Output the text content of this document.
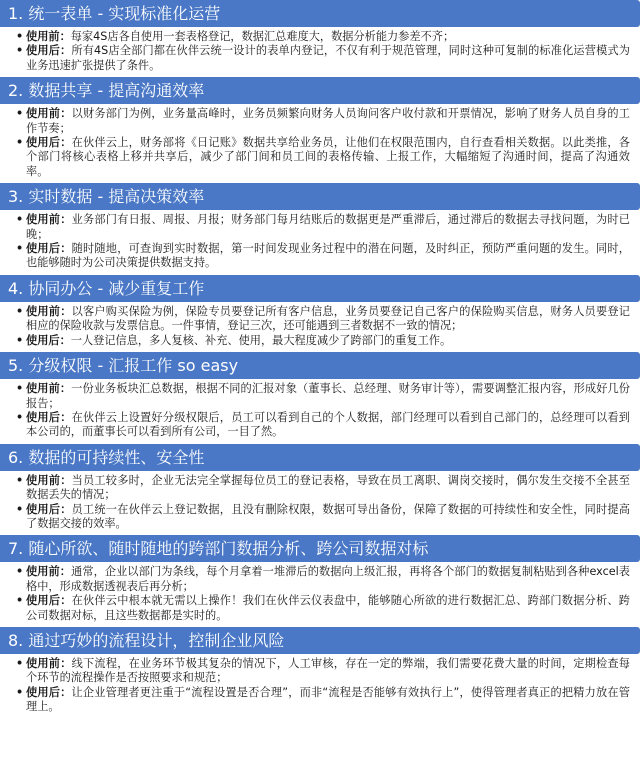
1. 统一表单 - 实现标准化运营
• 使用前：每家4S店各自使用一套表格登记，数据汇总难度大，数据分析能力参差不齐；
• 使用后：所有4S店全部门都在伙伴云统一设计的表单内登记，不仅有利于规范管理，同时这种可复制的标准化运营模式为业务迅速扩张提供了条件。
2. 数据共享 - 提高沟通效率
• 使用前：以财务部门为例，业务量高峰时，业务员频繁向财务人员询问客户收付款和开票情况，影响了财务人员自身的工作节奏；
• 使用后：在伙伴云上，财务部将《日记账》数据共享给业务员，让他们在权限范围内，自行查看相关数据。以此类推，各个部门将核心表格上移并共享后，减少了部门间和员工间的表格传输、上报工作，大幅缩短了沟通时间，提高了沟通效率。
3. 实时数据 - 提高决策效率
• 使用前：业务部门有日报、周报、月报；财务部门每月结账后的数据更是严重滞后，通过滞后的数据去寻找问题，为时已晚；
• 使用后：随时随地，可查询到实时数据，第一时间发现业务过程中的潜在问题，及时纠正，预防严重问题的发生。同时，也能够随时为公司决策提供数据支持。
4. 协同办公 - 减少重复工作
• 使用前：以客户购买保险为例，保险专员要登记所有客户信息，业务员要登记自己客户的保险购买信息，财务人员要登记相应的保险收款与发票信息。一件事情，登记三次，还可能遇到三者数据不一致的情况；
• 使用后：一人登记信息，多人复核、补充、使用，最大程度减少了跨部门的重复工作。
5. 分级权限 - 汇报工作 so easy
• 使用前：一份业务板块汇总数据，根据不同的汇报对象（董事长、总经理、财务审计等），需要调整汇报内容，形成好几份报告；
• 使用后：在伙伴云上设置好分级权限后，员工可以看到自己的个人数据，部门经理可以看到自己部门的，总经理可以看到本公司的，而董事长可以看到所有公司，一目了然。
6. 数据的可持续性、安全性
• 使用前：当员工较多时，企业无法完全掌握每位员工的登记表格，导致在员工离职、调岗交接时，偶尔发生交接不全甚至数据丢失的情况；
• 使用后：员工统一在伙伴云上登记数据，且没有删除权限，数据可导出备份，保障了数据的可持续性和安全性，同时提高了数据交接的效率。
7. 随心所欲、随时随地的跨部门数据分析、跨公司数据对标
• 使用前：通常，企业以部门为条线，每个月拿着一堆滞后的数据向上级汇报，再将各个部门的数据复制粘贴到各种excel表格中，形成数据透视表后再分析；
• 使用后：在伙伴云中根本就无需以上操作！我们在伙伴云仪表盘中，能够随心所欲的进行数据汇总、跨部门数据分析、跨公司数据对标，且这些数据都是实时的。
8. 通过巧妙的流程设计，控制企业风险
• 使用前：线下流程，在业务环节极其复杂的情况下，人工审核，存在一定的弊端，我们需要花费大量的时间，定期检查每个环节的流程操作是否按照要求和规范；
• 使用后：让企业管理者更注重于“流程设置是否合理”，而非“流程是否能够有效执行上”，使得管理者真正的把精力放在管理上。
